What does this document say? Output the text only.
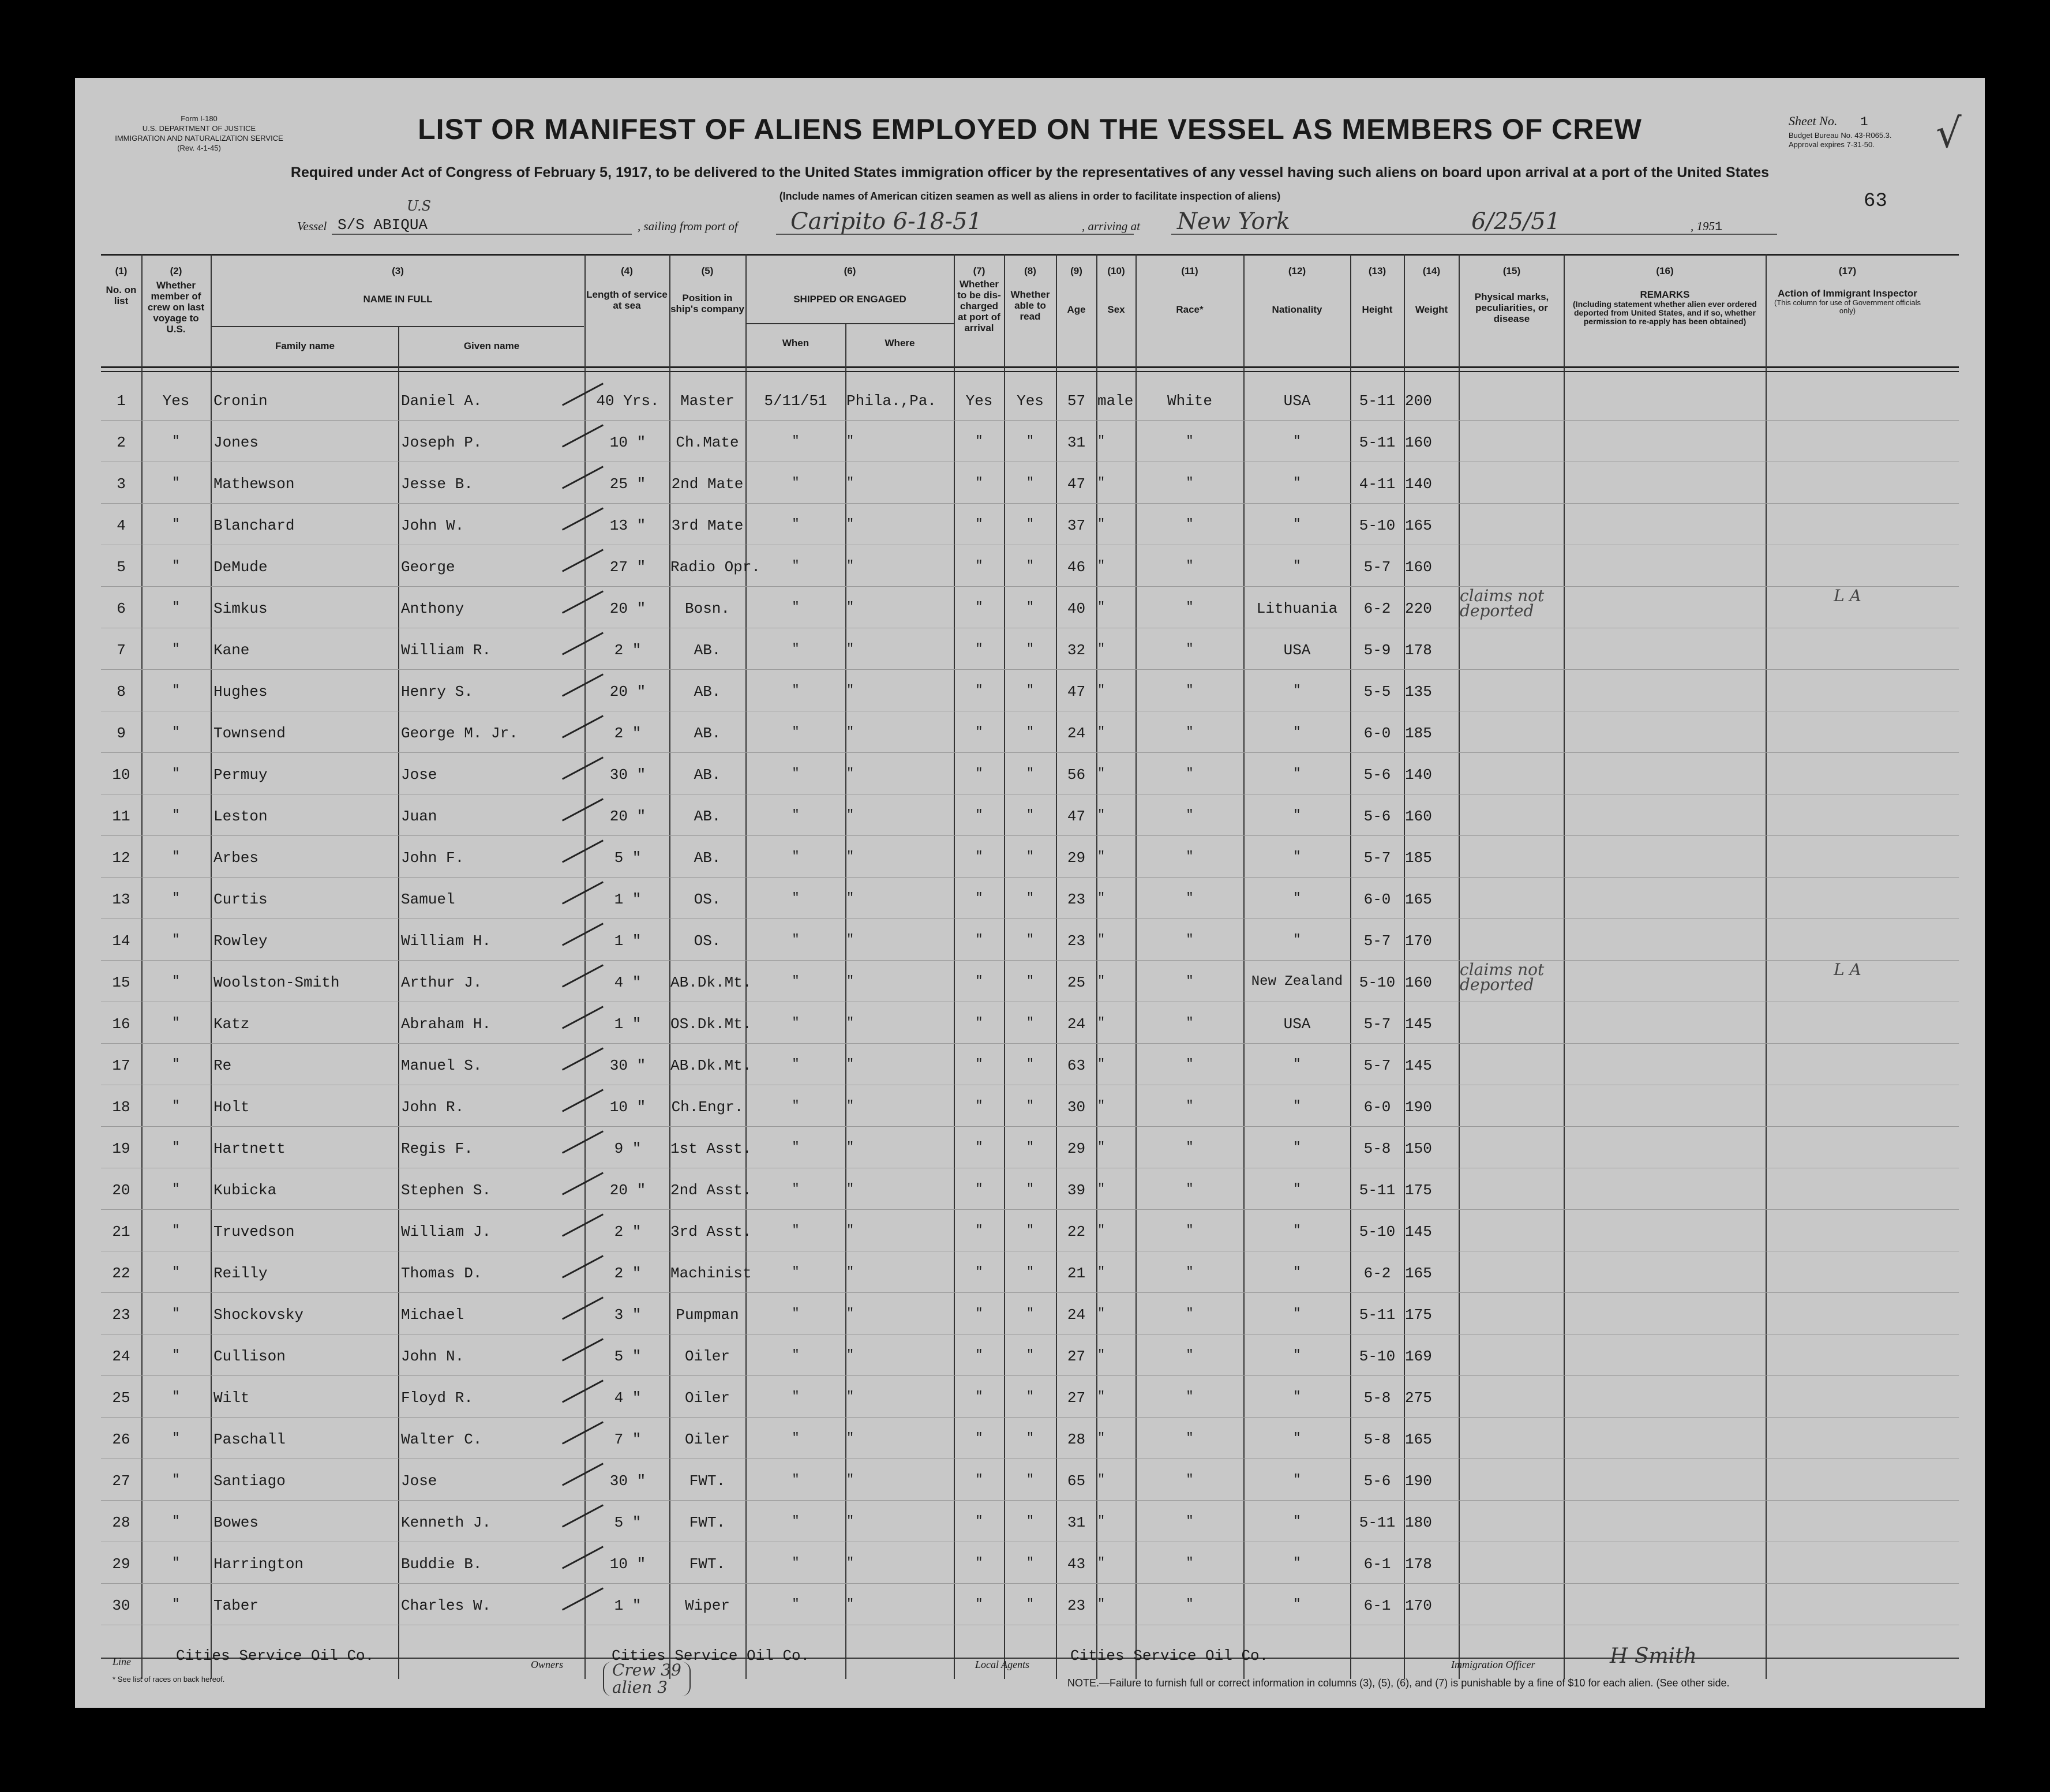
Form I-180
U.S. DEPARTMENT OF JUSTICE
IMMIGRATION AND NATURALIZATION SERVICE
(Rev. 4-1-45)
LIST OR MANIFEST OF ALIENS EMPLOYED ON THE VESSEL AS MEMBERS OF CREW
Required under Act of Congress of February 5, 1917, to be delivered to the United States immigration officer by the representatives of any vessel having such aliens on board upon arrival at a port of the United States
(Include names of American citizen seamen as well as aliens in order to facilitate inspection of aliens)
Sheet No. 1
Budget Bureau No. 43-R065.3.
Approval expires 7-31-50.	√
63
Vessel
U.S
S/S ABIQUA	, sailing from port of Caripito 6-18-51	, arriving at New York	6/25/51	, 1951
(1)
No. on list
(2)
Whether member of crew on last voyage to U.S.
(3)
NAME IN FULL
Family name	Given name
(4)
Length of service at sea
(5)
Position in ship's company
(6)
SHIPPED OR ENGAGED
When	Where
(7)
Whether to be dis-charged at port of arrival
(8)
Whether able to read
(9)
Age
(10)
Sex
(11)
Race*
(12)
Nationality
(13)
Height
(14)
Weight
(15)
Physical marks, peculiarities, or disease
(16)
REMARKS
(Including statement whether alien ever ordered deported from United States, and if so, whether permission to re-apply has been obtained)
(17)
Action of Immigrant Inspector
(This column for use of Government officials only)
1	Yes	Cronin	Daniel A.	40 Yrs.	Master	5/11/51	Phila.,Pa.	Yes	Yes	57 male	White	USA	5-11 200
2	"	Jones	Joseph P.	10 "	Ch.Mate	"	"	"	"	31 "	"	"	5-11 160
3	"	Mathewson	Jesse B.	25 "	2nd Mate	"	"	"	"	47 "	"	"	4-11 140
4	"	Blanchard	John W.	13 "	3rd Mate	"	"	"	"	37 "	"	"	5-10 165
5	"	DeMude	George	27 "	Radio Opr.	"	"	"	"	46 "	"	"	5-7 160
6	"	Simkus	Anthony	20 "	Bosn.	"	"	"	"	40 "	"	Lithuania	6-2 220
claims not deported
L A
7	"	Kane	William R.	2 "	AB.	"	"	"	"	32 "	"	USA	5-9 178
8	"	Hughes	Henry S.	20 "	AB.	"	"	"	"	47 "	"	"	5-5 135
9	"	Townsend	George M. Jr.	2 "	AB.	"	"	"	"	24 "	"	"	6-0 185
10	"	Permuy	Jose	30 "	AB.	"	"	"	"	56 "	"	"	5-6 140
11	"	Leston	Juan	20 "	AB.	"	"	"	"	47 "	"	"	5-6 160
12	"	Arbes	John F.	5 "	AB.	"	"	"	"	29 "	"	"	5-7 185
13	"	Curtis	Samuel	1 "	OS.	"	"	"	"	23 "	"	"	6-0 165
14	"	Rowley	William H.	1 "	OS.	"	"	"	"	23 "	"	"	5-7 170
15	"	Woolston-Smith	Arthur J.	4 "	AB.Dk.Mt.	"	"	"	"	25 "	"	New Zealand	5-10 160
claims not deported
L A
16	"	Katz	Abraham H.	1 "	OS.Dk.Mt.	"	"	"	"	24 "	"	USA	5-7 145
17	"	Re	Manuel S.	30 "	AB.Dk.Mt.	"	"	"	"	63 "	"	"	5-7 145
18	"	Holt	John R.	10 "	Ch.Engr.	"	"	"	"	30 "	"	"	6-0 190
19	"	Hartnett	Regis F.	9 "	1st Asst.	"	"	"	"	29 "	"	"	5-8 150
20	"	Kubicka	Stephen S.	20 "	2nd Asst.	"	"	"	"	39 "	"	"	5-11 175
21	"	Truvedson	William J.	2 "	3rd Asst.	"	"	"	"	22 "	"	"	5-10 145
22	"	Reilly	Thomas D.	2 "	Machinist	"	"	"	"	21 "	"	"	6-2 165
23	"	Shockovsky	Michael	3 "	Pumpman	"	"	"	"	24 "	"	"	5-11 175
24	"	Cullison	John N.	5 "	Oiler	"	"	"	"	27 "	"	"	5-10 169
25	"	Wilt	Floyd R.	4 "	Oiler	"	"	"	"	27 "	"	"	5-8 275
26	"	Paschall	Walter C.	7 "	Oiler	"	"	"	"	28 "	"	"	5-8 165
27	"	Santiago	Jose	30 "	FWT.	"	"	"	"	65 "	"	"	5-6 190
28	"	Bowes	Kenneth J.	5 "	FWT.	"	"	"	"	31 "	"	"	5-11 180
29	"	Harrington	Buddie B.	10 "	FWT.	"	"	"	"	43 "	"	"	6-1 178
30	"	Taber	Charles W.	1 "	Wiper	"	"	"	"	23 "	"	"	6-1 170
Line	Cities Service Oil Co.	Owners	Cities Service Oil Co.	Local Agents	Cities Service Oil Co.	Immigration Officer	H Smith
* See list of races on back hereof.	Crew 39
alien 3	NOTE.—Failure to furnish full or correct information in columns (3), (5), (6), and (7) is punishable by a fine of $10 for each alien. (See other side.
